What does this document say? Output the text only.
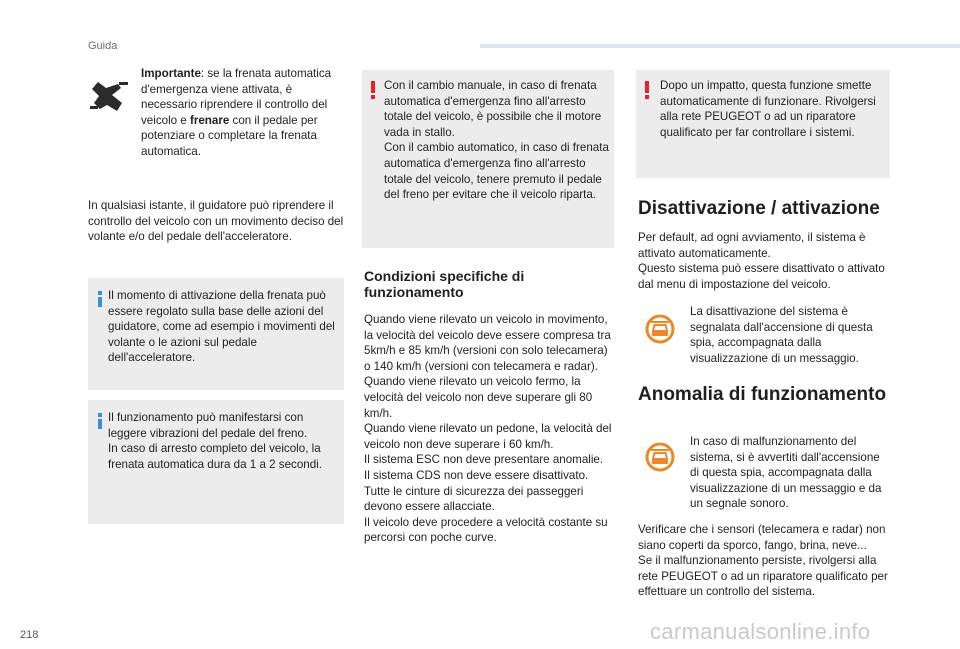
Guida
Importante: se la frenata automatica d'emergenza viene attivata, è necessario riprendere il controllo del veicolo e frenare con il pedale per potenziare o completare la frenata automatica.
In qualsiasi istante, il guidatore può riprendere il controllo del veicolo con un movimento deciso del volante e/o del pedale dell'acceleratore.
Il momento di attivazione della frenata può essere regolato sulla base delle azioni del guidatore, come ad esempio i movimenti del volante o le azioni sul pedale dell'acceleratore.
Il funzionamento può manifestarsi con leggere vibrazioni del pedale del freno.
In caso di arresto completo del veicolo, la frenata automatica dura da 1 a 2 secondi.
Con il cambio manuale, in caso di frenata automatica d'emergenza fino all'arresto totale del veicolo, è possibile che il motore vada in stallo.
Con il cambio automatico, in caso di frenata automatica d'emergenza fino all'arresto totale del veicolo, tenere premuto il pedale del freno per evitare che il veicolo riparta.
Condizioni specifiche di funzionamento
Quando viene rilevato un veicolo in movimento, la velocità del veicolo deve essere compresa tra 5km/h e 85 km/h (versioni con solo telecamera) o 140 km/h (versioni con telecamera e radar).
Quando viene rilevato un veicolo fermo, la velocità del veicolo non deve superare gli 80 km/h.
Quando viene rilevato un pedone, la velocità del veicolo non deve superare i 60 km/h.
Il sistema ESC non deve presentare anomalie.
Il sistema CDS non deve essere disattivato.
Tutte le cinture di sicurezza dei passeggeri devono essere allacciate.
Il veicolo deve procedere a velocità costante su percorsi con poche curve.
Dopo un impatto, questa funzione smette automaticamente di funzionare. Rivolgersi alla rete PEUGEOT o ad un riparatore qualificato per far controllare i sistemi.
Disattivazione / attivazione
Per default, ad ogni avviamento, il sistema è attivato automaticamente.
Questo sistema può essere disattivato o attivato dal menu di impostazione del veicolo.
La disattivazione del sistema è segnalata dall'accensione di questa spia, accompagnata dalla visualizzazione di un messaggio.
Anomalia di funzionamento
In caso di malfunzionamento del sistema, si è avvertiti dall'accensione di questa spia, accompagnata dalla visualizzazione di un messaggio e da un segnale sonoro.
Verificare che i sensori (telecamera e radar) non siano coperti da sporco, fango, brina, neve...
Se il malfunzionamento persiste, rivolgersi alla rete PEUGEOT o ad un riparatore qualificato per effettuare un controllo del sistema.
218	carmanualsonline.info
